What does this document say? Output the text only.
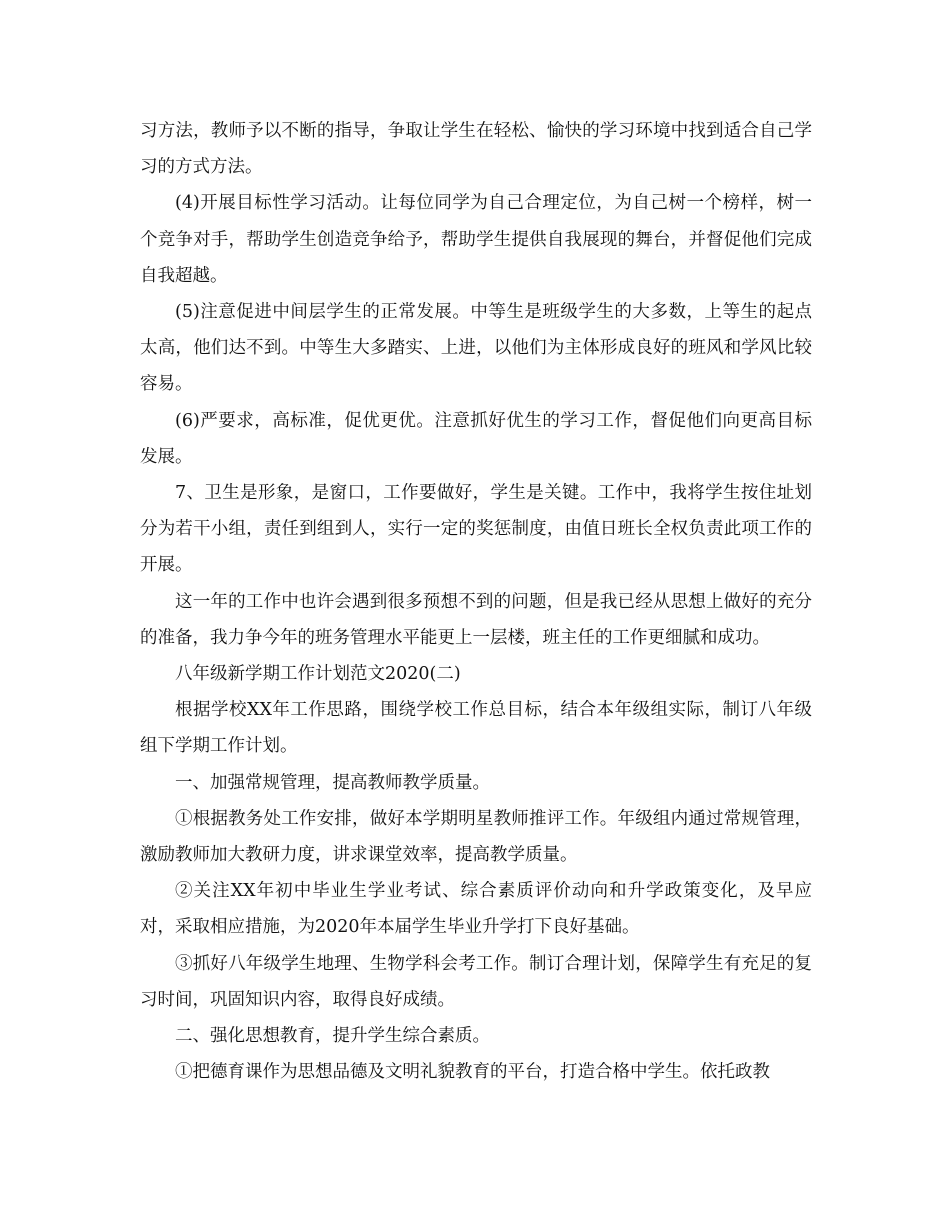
习方法，教师予以不断的指导，争取让学生在轻松、愉快的学习环境中找到适合自己学习的方式方法。

(4)开展目标性学习活动。让每位同学为自己合理定位，为自己树一个榜样，树一个竞争对手，帮助学生创造竞争给予，帮助学生提供自我展现的舞台，并督促他们完成自我超越。

(5)注意促进中间层学生的正常发展。中等生是班级学生的大多数，上等生的起点太高，他们达不到。中等生大多踏实、上进，以他们为主体形成良好的班风和学风比较容易。

(6)严要求，高标准，促优更优。注意抓好优生的学习工作，督促他们向更高目标发展。

7、卫生是形象，是窗口，工作要做好，学生是关键。工作中，我将学生按住址划分为若干小组，责任到组到人，实行一定的奖惩制度，由值日班长全权负责此项工作的开展。

这一年的工作中也许会遇到很多预想不到的问题，但是我已经从思想上做好的充分的准备，我力争今年的班务管理水平能更上一层楼，班主任的工作更细腻和成功。

八年级新学期工作计划范文2020(二)

根据学校XX年工作思路，围绕学校工作总目标，结合本年级组实际，制订八年级组下学期工作计划。

一、加强常规管理，提高教师教学质量。

①根据教务处工作安排，做好本学期明星教师推评工作。年级组内通过常规管理，激励教师加大教研力度，讲求课堂效率，提高教学质量。

②关注XX年初中毕业生学业考试、综合素质评价动向和升学政策变化，及早应对，采取相应措施，为2020年本届学生毕业升学打下良好基础。

③抓好八年级学生地理、生物学科会考工作。制订合理计划，保障学生有充足的复习时间，巩固知识内容，取得良好成绩。

二、强化思想教育，提升学生综合素质。

①把德育课作为思想品德及文明礼貌教育的平台，打造合格中学生。依托政教
